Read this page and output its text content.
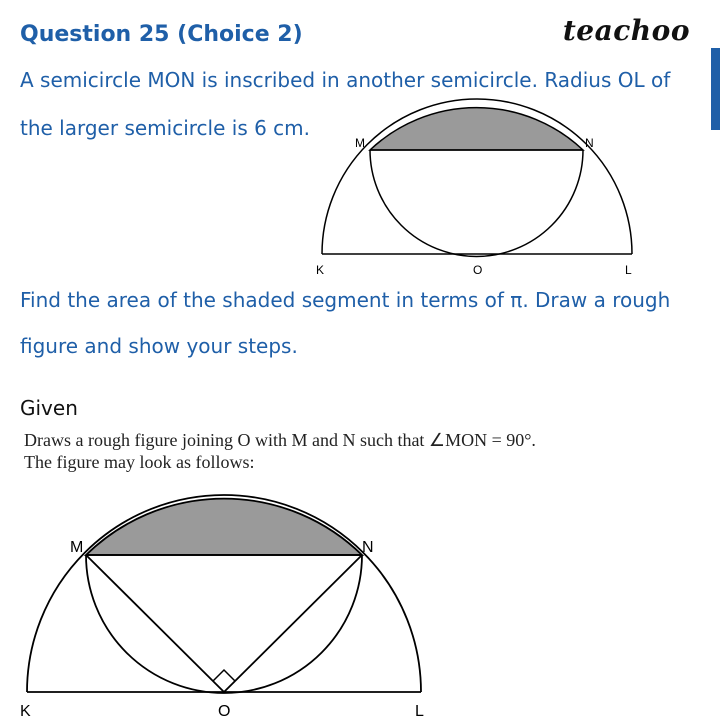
Question 25 (Choice 2)	teachoo
A semicircle MON is inscribed in another semicircle. Radius OL of
the larger semicircle is 6 cm.
M	N
K	O	L
Find the area of the shaded segment in terms of π. Draw a rough
figure and show your steps.
Given
Draws a rough figure joining O with M and N such that ∠MON = 90°.
The figure may look as follows:
M	N
K	O	L
